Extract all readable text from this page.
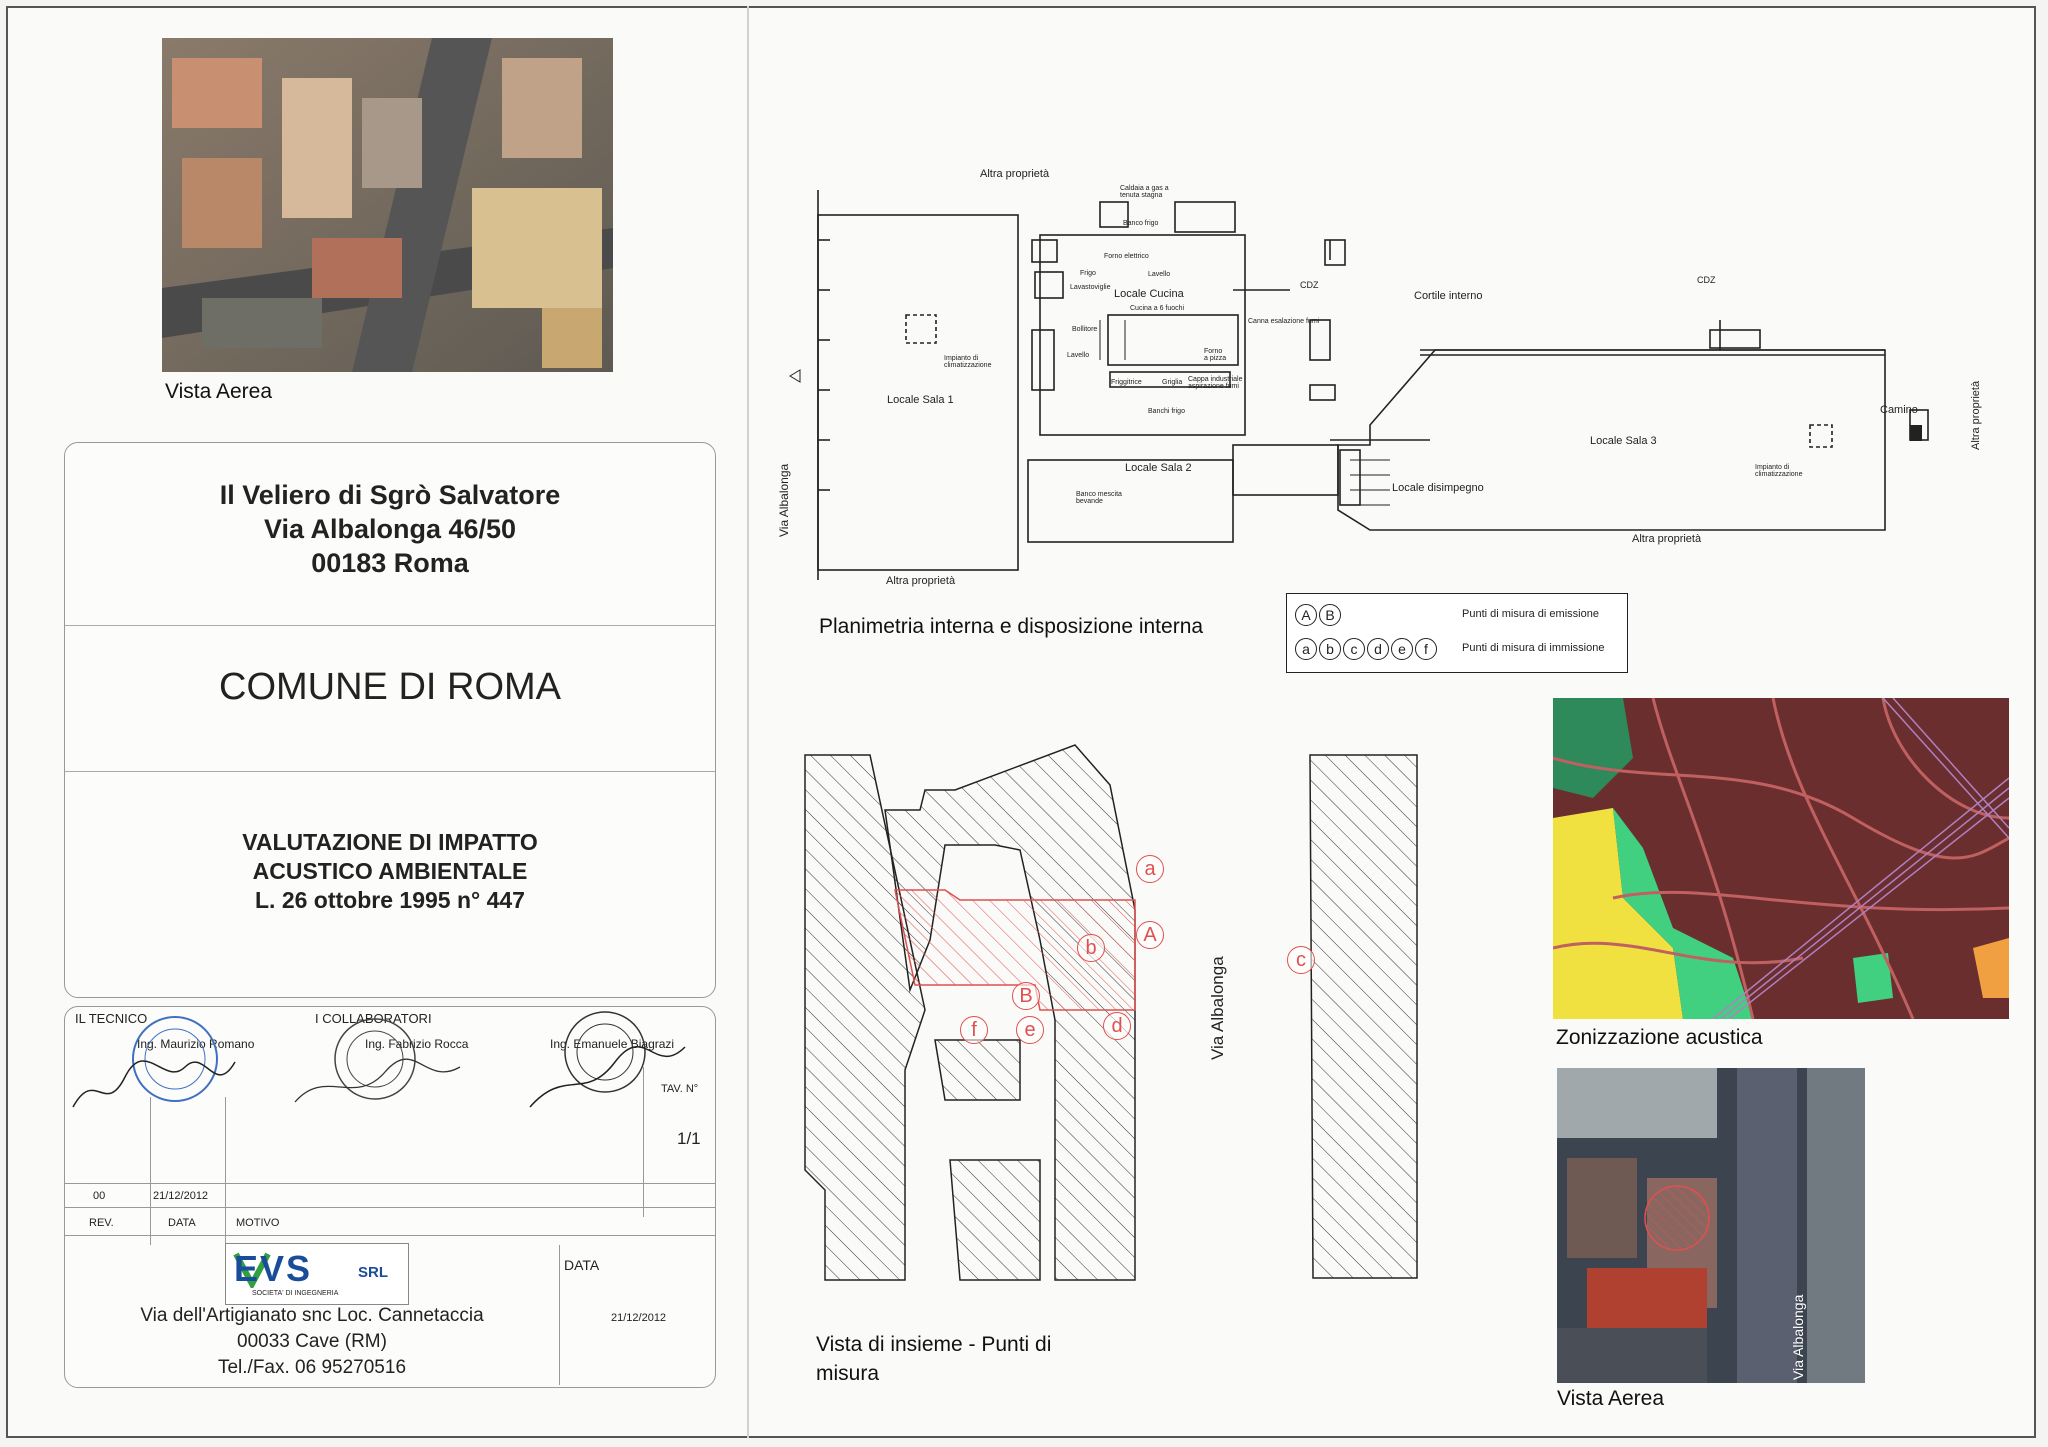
Vista Aerea
Il Veliero di Sgrò Salvatore
Via Albalonga 46/50
00183 Roma
COMUNE DI ROMA
VALUTAZIONE DI IMPATTO
ACUSTICO AMBIENTALE
L. 26 ottobre 1995 n° 447
IL TECNICO
Ing. Maurizio Romano
I COLLABORATORI
Ing. Fabrizio Rocca	Ing. Emanuele Biagrazi
TAV. N°
1/1
00	21/12/2012
REV.	DATA	MOTIVO
DATA
21/12/2012
EVS	SRL
SOCIETA' DI INGEGNERIA
Via dell'Artigianato snc Loc. Cannetaccia
00033 Cave (RM)
Tel./Fax. 06 95270516
Altra proprietà
Altra proprietà
Altra proprietà
Altra proprietà
Via Albalonga
Locale Sala 1
Locale Sala 2
Locale Sala 3
Locale Cucina
Locale disimpegno
Cortile interno
Camino
CDZ	CDZ
Caldaia a gas a tenuta stagna
Banco frigo
Forno elettrico
Frigo
Lavastoviglie
Lavello
Lavello
Bollitore
Cucina a 6 fuochi
Canna esalazione fumi
Forno a pizza
Friggitrice	Griglia Cappa industriale aspirazione fumi
Banchi frigo
Banco mescita bevande
Impianto di climatizzazione
Impianto di climatizzazione
Planimetria interna e disposizione interna	A B	Punti di misura di emissione
a b c d e f	Punti di misura di immissione
a
A
b
c
B
d
e
f	Via Albalonga
Vista di insieme - Punti di misura
Zonizzazione acustica
Via Albalonga
Vista Aerea
